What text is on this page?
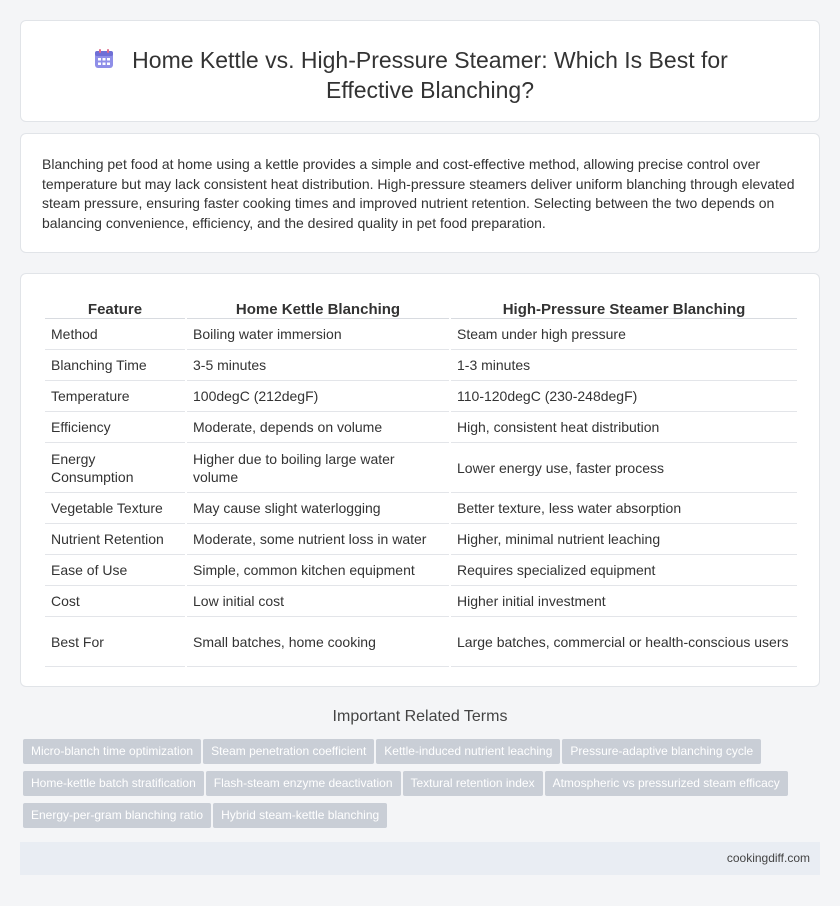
Home Kettle vs. High-Pressure Steamer: Which Is Best for Effective Blanching?

Blanching pet food at home using a kettle provides a simple and cost-effective method, allowing precise control over temperature but may lack consistent heat distribution. High-pressure steamers deliver uniform blanching through elevated steam pressure, ensuring faster cooking times and improved nutrient retention. Selecting between the two depends on balancing convenience, efficiency, and the desired quality in pet food preparation.

Feature	Home Kettle Blanching	High-Pressure Steamer Blanching
Method	Boiling water immersion	Steam under high pressure
Blanching Time	3-5 minutes	1-3 minutes
Temperature	100degC (212degF)	110-120degC (230-248degF)
Efficiency	Moderate, depends on volume	High, consistent heat distribution
Energy Consumption	Higher due to boiling large water volume	Lower energy use, faster process
Vegetable Texture	May cause slight waterlogging	Better texture, less water absorption
Nutrient Retention	Moderate, some nutrient loss in water	Higher, minimal nutrient leaching
Ease of Use	Simple, common kitchen equipment	Requires specialized equipment
Cost	Low initial cost	Higher initial investment
Best For	Small batches, home cooking	Large batches, commercial or health-conscious users
Important Related Terms
Micro-blanch time optimization Steam penetration coefficient Kettle-induced nutrient leaching Pressure-adaptive blanching cycleHome-kettle batch stratification Flash-steam enzyme deactivation Textural retention index Atmospheric vs pressurized steam efficacyEnergy-per-gram blanching ratio Hybrid steam-kettle blanching
cookingdiff.com
